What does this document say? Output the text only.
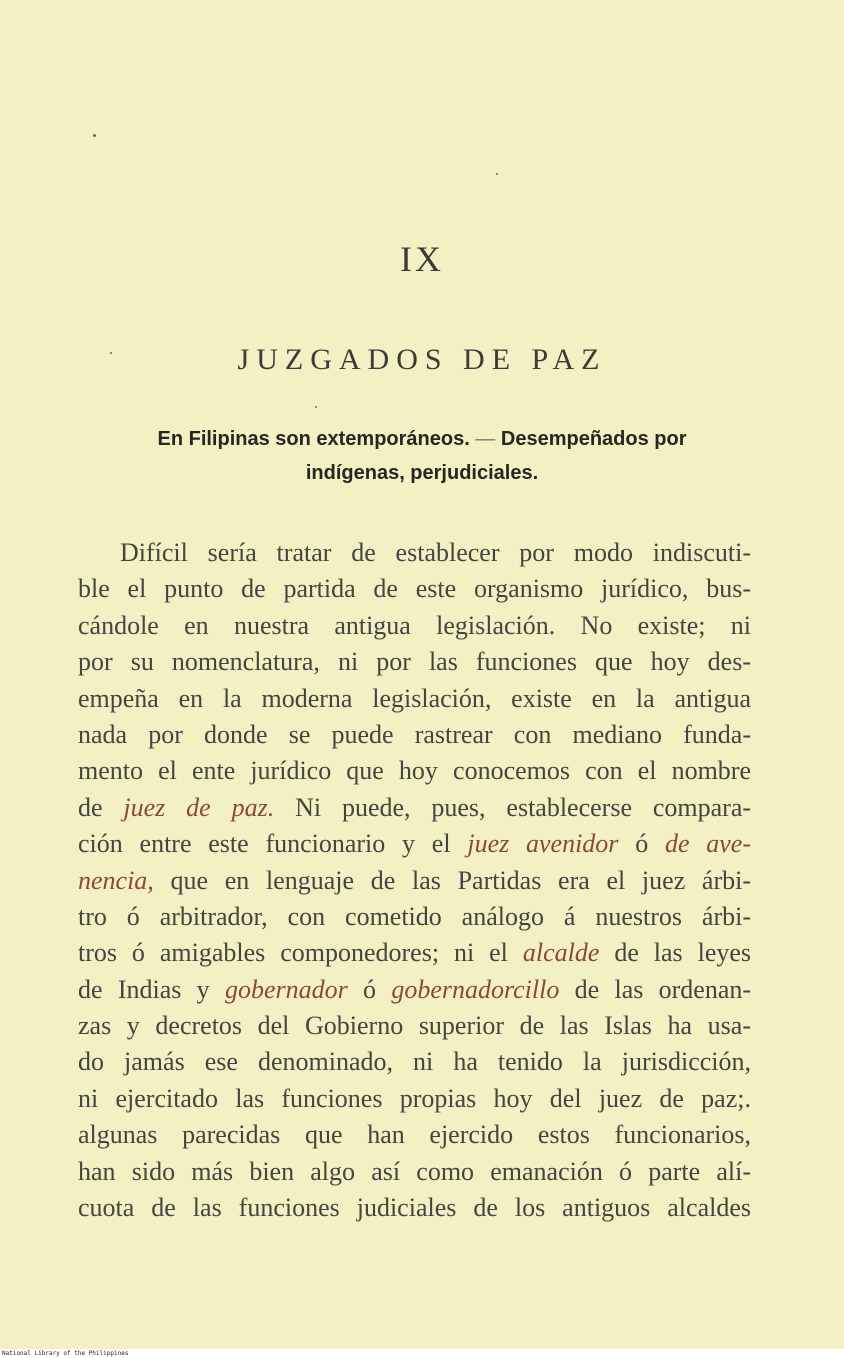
IX
JUZGADOS DE PAZ
En Filipinas son extemporáneos. — Desempeñados por
indígenas, perjudiciales.
Difícil sería tratar de establecer por modo indiscuti-
ble el punto de partida de este organismo jurídico, bus-
cándole en nuestra antigua legislación. No existe; ni
por su nomenclatura, ni por las funciones que hoy des-
empeña en la moderna legislación, existe en la antigua
nada por donde se puede rastrear con mediano funda-
mento el ente jurídico que hoy conocemos con el nombre
de juez de paz. Ni puede, pues, establecerse compara-
ción entre este funcionario y el juez avenidor ó de ave-
nencia, que en lenguaje de las Partidas era el juez árbi-
tro ó arbitrador, con cometido análogo á nuestros árbi-
tros ó amigables componedores; ni el alcalde de las leyes
de Indias y gobernador ó gobernadorcillo de las ordenan-
zas y decretos del Gobierno superior de las Islas ha usa-
do jamás ese denominado, ni ha tenido la jurisdicción,
ni ejercitado las funciones propias hoy del juez de paz;.
algunas parecidas que han ejercido estos funcionarios,
han sido más bien algo así como emanación ó parte alí-
cuota de las funciones judiciales de los antiguos alcaldes
National Library of the Philippines
